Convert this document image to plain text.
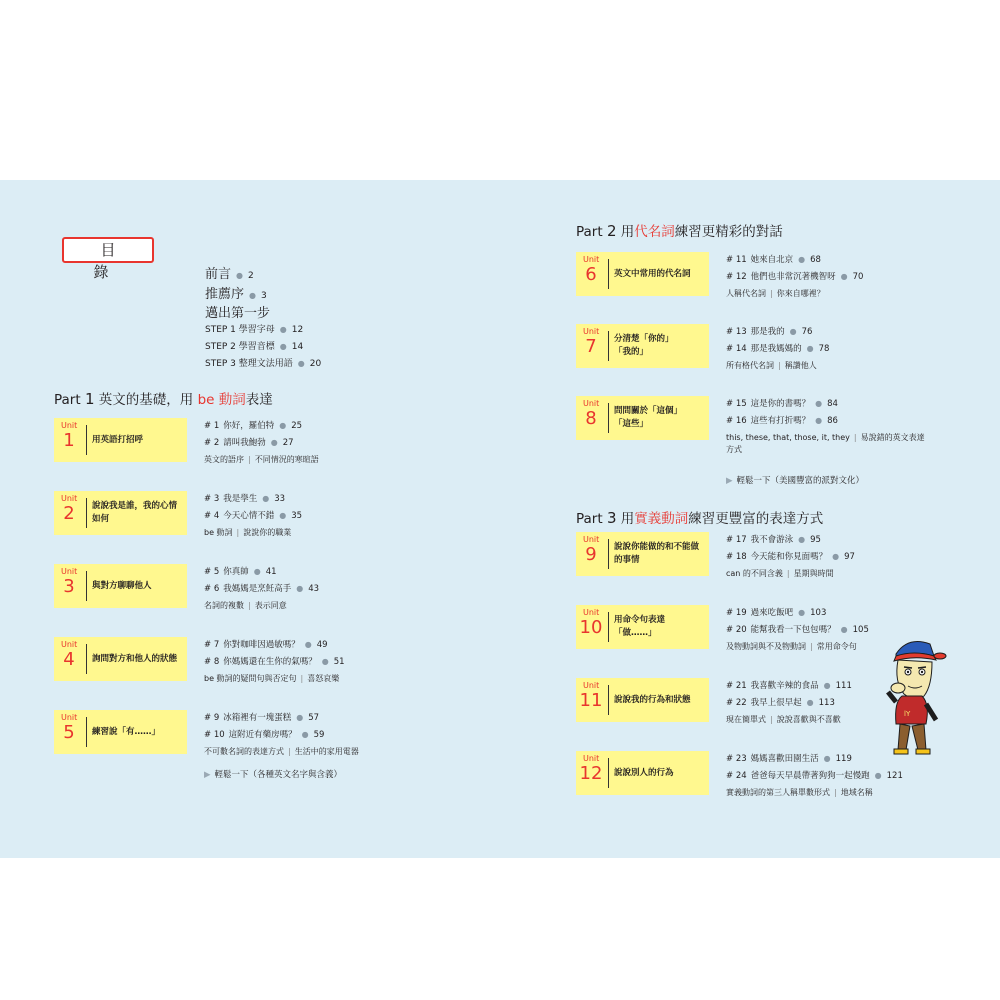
目 錄	前言 ● 2
推薦序 ● 3
邁出第一步
STEP 1 學習字母 ● 12
STEP 2 學習音標 ● 14
STEP 3 整理文法用語 ● 20
Part 1 英文的基礎，用 be 動詞表達
Part 2 用代名詞練習更精彩的對話
Part 3 用實義動詞練習更豐富的表達方式
Unit
1	用英語打招呼
# 1 你好，羅伯特 ● 25
# 2 請叫我鮑勃 ● 27
英文的語序 | 不同情況的寒暄語
Unit
2	說說我是誰，我的心情
如何
# 3 我是學生 ● 33
# 4 今天心情不錯 ● 35
be 動詞 | 說說你的職業
Unit
3	與對方聊聊他人
# 5 你真帥 ● 41
# 6 我媽媽是烹飪高手 ● 43
名詞的複數 | 表示同意
Unit
4	詢問對方和他人的狀態
# 7 你對咖啡因過敏嗎？ ● 49
# 8 你媽媽還在生你的氣嗎？ ● 51
be 動詞的疑問句與否定句 | 喜怒哀樂
Unit
5	練習說「有……」
# 9 冰箱裡有一塊蛋糕 ● 57
# 10 這附近有藥房嗎？ ● 59
不可數名詞的表達方式 | 生活中的家用電器
Unit
6	英文中常用的代名詞
# 11 她來自北京 ● 68
# 12 他們也非常沉著機智呀 ● 70
人稱代名詞 | 你來自哪裡？
Unit
7	分清楚「你的」
「我的」
# 13 那是我的 ● 76
# 14 那是我媽媽的 ● 78
所有格代名詞 | 稱讚他人
Unit
8	問問關於「這個」
「這些」
# 15 這是你的書嗎？ ● 84
# 16 這些有打折嗎？ ● 86
this, these, that, those, it, they | 易說錯的英文表達
方式
Unit
9	說說你能做的和不能做
的事情
# 17 我不會游泳 ● 95
# 18 今天能和你見面嗎？ ● 97
can 的不同含義 | 星期與時間
Unit
10	用命令句表達
「做……」
# 19 過來吃飯吧 ● 103
# 20 能幫我看一下包包嗎？ ● 105
及物動詞與不及物動詞 | 常用命令句
Unit
11	說說我的行為和狀態
# 21 我喜歡辛辣的食品 ● 111
# 22 我早上很早起 ● 113
現在簡單式 | 說說喜歡與不喜歡
Unit
12	說說別人的行為
# 23 媽媽喜歡田園生活 ● 119
# 24 爸爸每天早晨帶著狗狗一起慢跑 ● 121
實義動詞的第三人稱單數形式 | 地域名稱
▶ 輕鬆一下（各種英文名字與含義）
▶ 輕鬆一下（美國豐富的派對文化）
lY
